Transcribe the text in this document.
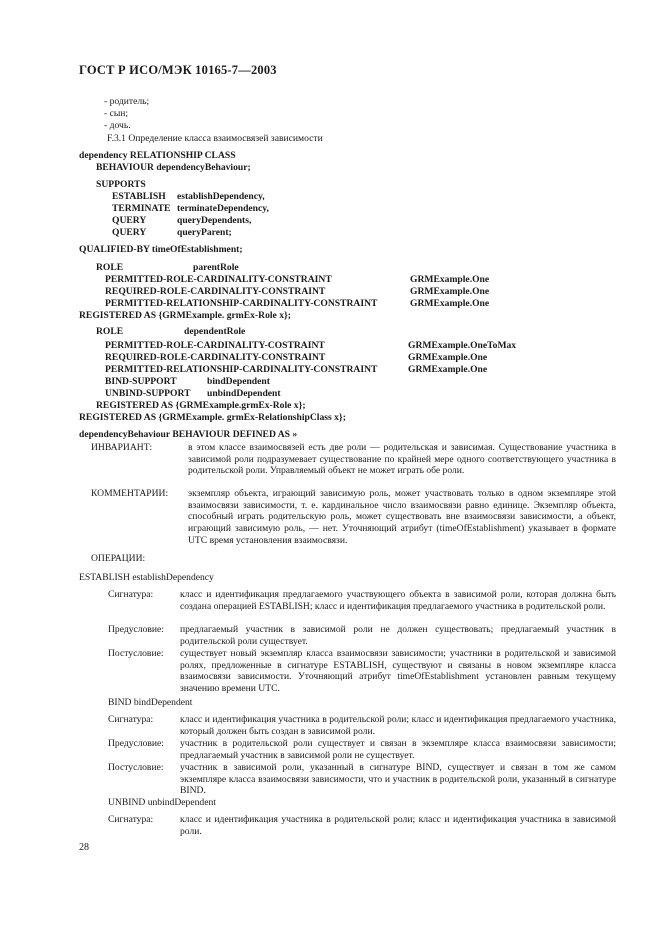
ГОСТ Р ИСО/МЭК 10165-7—2003
- родитель;
- сын;
- дочь.
F.3.1 Определение класса взаимосвязей зависимости
dependency RELATIONSHIP CLASS
BEHAVIOUR dependencyBehaviour;
SUPPORTS
ESTABLISH establishDependency,
TERMINATE terminateDependency,
QUERY	queryDependents,
QUERY	queryParent;
QUALIFIED-BY timeOfEstablishment;
ROLE	parentRole
PERMITTED-ROLE-CARDINALITY-CONSTRAINT	GRMExample.One
REQUIRED-ROLE-CARDINALITY-CONSTRAINT	GRMExample.One
PERMITTED-RELATIONSHIP-CARDINALITY-CONSTRAINT	GRMExample.One
REGISTERED AS {GRMExample. grmEx-Role x};
ROLE	dependentRole
PERMITTED-ROLE-CARDINALITY-COSTRAINT	GRMExample.OneToMax
REQUIRED-ROLE-CARDINALITY-CONSTRAINT	GRMExample.One
PERMITTED-RELATIONSHIP-CARDINALITY-CONSTRAINT	GRMExample.One
BIND-SUPPORT	bindDependent
UNBIND-SUPPORT unbindDependent
REGISTERED AS {GRMExample.grmEx-Role x};
REGISTERED AS {GRMExample. grmEx-RelationshipClass x};
dependencyBehaviour BEHAVIOUR DEFINED AS »
ИНВАРИАНТ:	в этом классе взаимосвязей есть две роли — родительская и зависимая. Существование участника в зависимой роли подразумевает существование по крайней мере одного соответствующего участника в родительской роли. Управляемый объект не может играть обе роли.
КОММЕНТАРИИ: экземпляр объекта, играющий зависимую роль, может участвовать только в одном экземпляре этой взаимосвязи зависимости, т. е. кардинальное число взаимосвязи равно единице. Экземпляр объекта, способный играть родительскую роль, может существовать вне взаимосвязи зависимости, а объект, играющий зависимую роль, — нет. Уточняющий атрибут (timeOfEstablishment) указывает в формате UTC время установления взаимосвязи.
ОПЕРАЦИИ:
ESTABLISH establishDependency
Сигнатура:	класс и идентификация предлагаемого участвующего объекта в зависимой роли, которая должна быть создана операцией ESTABLISH; класс и идентификация предлагаемого участника в родительской роли.
Предусловие: предлагаемый участник в зависимой роли не должен существовать; предлагаемый участник в родительской роли существует.
Постусловие: существует новый экземпляр класса взаимосвязи зависимости; участники в родительской и зависимой ролях, предложенные в сигнатуре ESTABLISH, существуют и связаны в новом экземпляре класса взаимосвязи зависимости. Уточняющий атрибут timeOfEstablishment установлен равным текущему значению времени UTC.
BIND bindDependent
Сигнатура:	класс и идентификация участника в родительской роли; класс и идентификация предлагаемого участника, который должен быть создан в зависимой роли.
Предусловие: участник в родительской роли существует и связан в экземпляре класса взаимосвязи зависимости; предлагаемый участник в зависимой роли не существует.
Постусловие: участник в зависимой роли, указанный в сигнатуре BIND, существует и связан в том же самом экземпляре класса взаимосвязи зависимости, что и участник в родительской роли, указанный в сигнатуре BIND.
UNBIND unbindDependent
Сигнатура:	класс и идентификация участника в родительской роли; класс и идентификация участника в зависимой роли.
28
